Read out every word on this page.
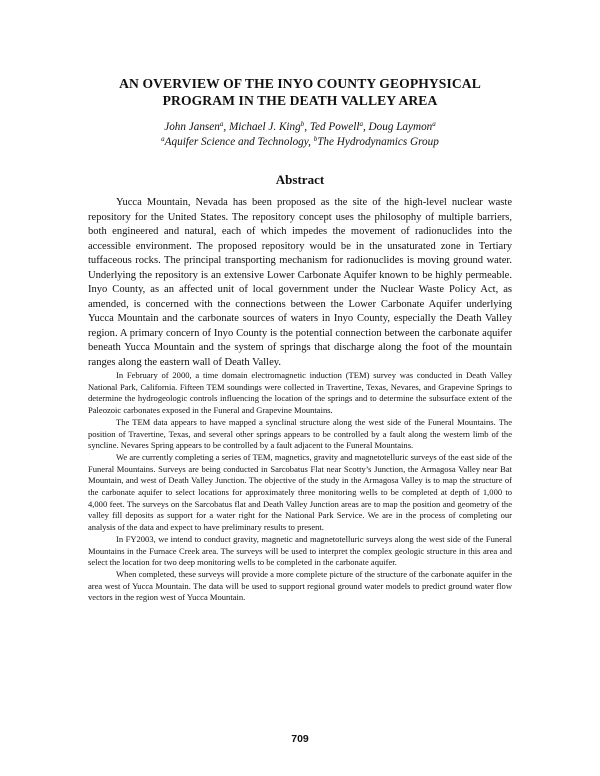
AN OVERVIEW OF THE INYO COUNTY GEOPHYSICAL
PROGRAM IN THE DEATH VALLEY AREA
John Jansen$^a$, Michael J. King$^b$, Ted Powell$^a$, Doug Laymon$^a$
$^a$Aquifer Science and Technology, $^b$The Hydrodynamics Group
Abstract

Yucca Mountain, Nevada has been proposed as the site of the high-level nuclear waste repository for the United States. The repository concept uses the philosophy of multiple barriers, both engineered and natural, each of which impedes the movement of radionuclides into the accessible environment. The proposed repository would be in the unsaturated zone in Tertiary tuffaceous rocks. The principal transporting mechanism for radionuclides is moving ground water. Underlying the repository is an extensive Lower Carbonate Aquifer known to be highly permeable. Inyo County, as an affected unit of local government under the Nuclear Waste Policy Act, as amended, is concerned with the connections between the Lower Carbonate Aquifer underlying Yucca Mountain and the carbonate sources of waters in Inyo County, especially the Death Valley region. A primary concern of Inyo County is the potential connection between the carbonate aquifer beneath Yucca Mountain and the system of springs that discharge along the foot of the mountain ranges along the eastern wall of Death Valley.

In February of 2000, a time domain electromagnetic induction (TEM) survey was conducted in Death Valley National Park, California. Fifteen TEM soundings were collected in Travertine, Texas, Nevares, and Grapevine Springs to determine the hydrogeologic controls influencing the location of the springs and to determine the subsurface extent of the Paleozoic carbonates exposed in the Funeral and Grapevine Mountains.

The TEM data appears to have mapped a synclinal structure along the west side of the Funeral Mountains. The position of Travertine, Texas, and several other springs appears to be controlled by a fault along the western limb of the syncline. Nevares Spring appears to be controlled by a fault adjacent to the Funeral Mountains.

We are currently completing a series of TEM, magnetics, gravity and magnetotelluric surveys of the east side of the Funeral Mountains. Surveys are being conducted in Sarcobatus Flat near Scotty’s Junction, the Armagosa Valley near Bat Mountain, and west of Death Valley Junction. The objective of the study in the Armagosa Valley is to map the structure of the carbonate aquifer to select locations for approximately three monitoring wells to be completed at depth of 1,000 to 4,000 feet. The surveys on the Sarcobatus flat and Death Valley Junction areas are to map the position and geometry of the valley fill deposits as support for a water right for the National Park Service. We are in the process of completing our analysis of the data and expect to have preliminary results to present.

In FY2003, we intend to conduct gravity, magnetic and magnetotelluric surveys along the west side of the Funeral Mountains in the Furnace Creek area. The surveys will be used to interpret the complex geologic structure in this area and select the location for two deep monitoring wells to be completed in the carbonate aquifer.

When completed, these surveys will provide a more complete picture of the structure of the carbonate aquifer in the area west of Yucca Mountain. The data will be used to support regional ground water models to predict ground water flow vectors in the region west of Yucca Mountain.

709
